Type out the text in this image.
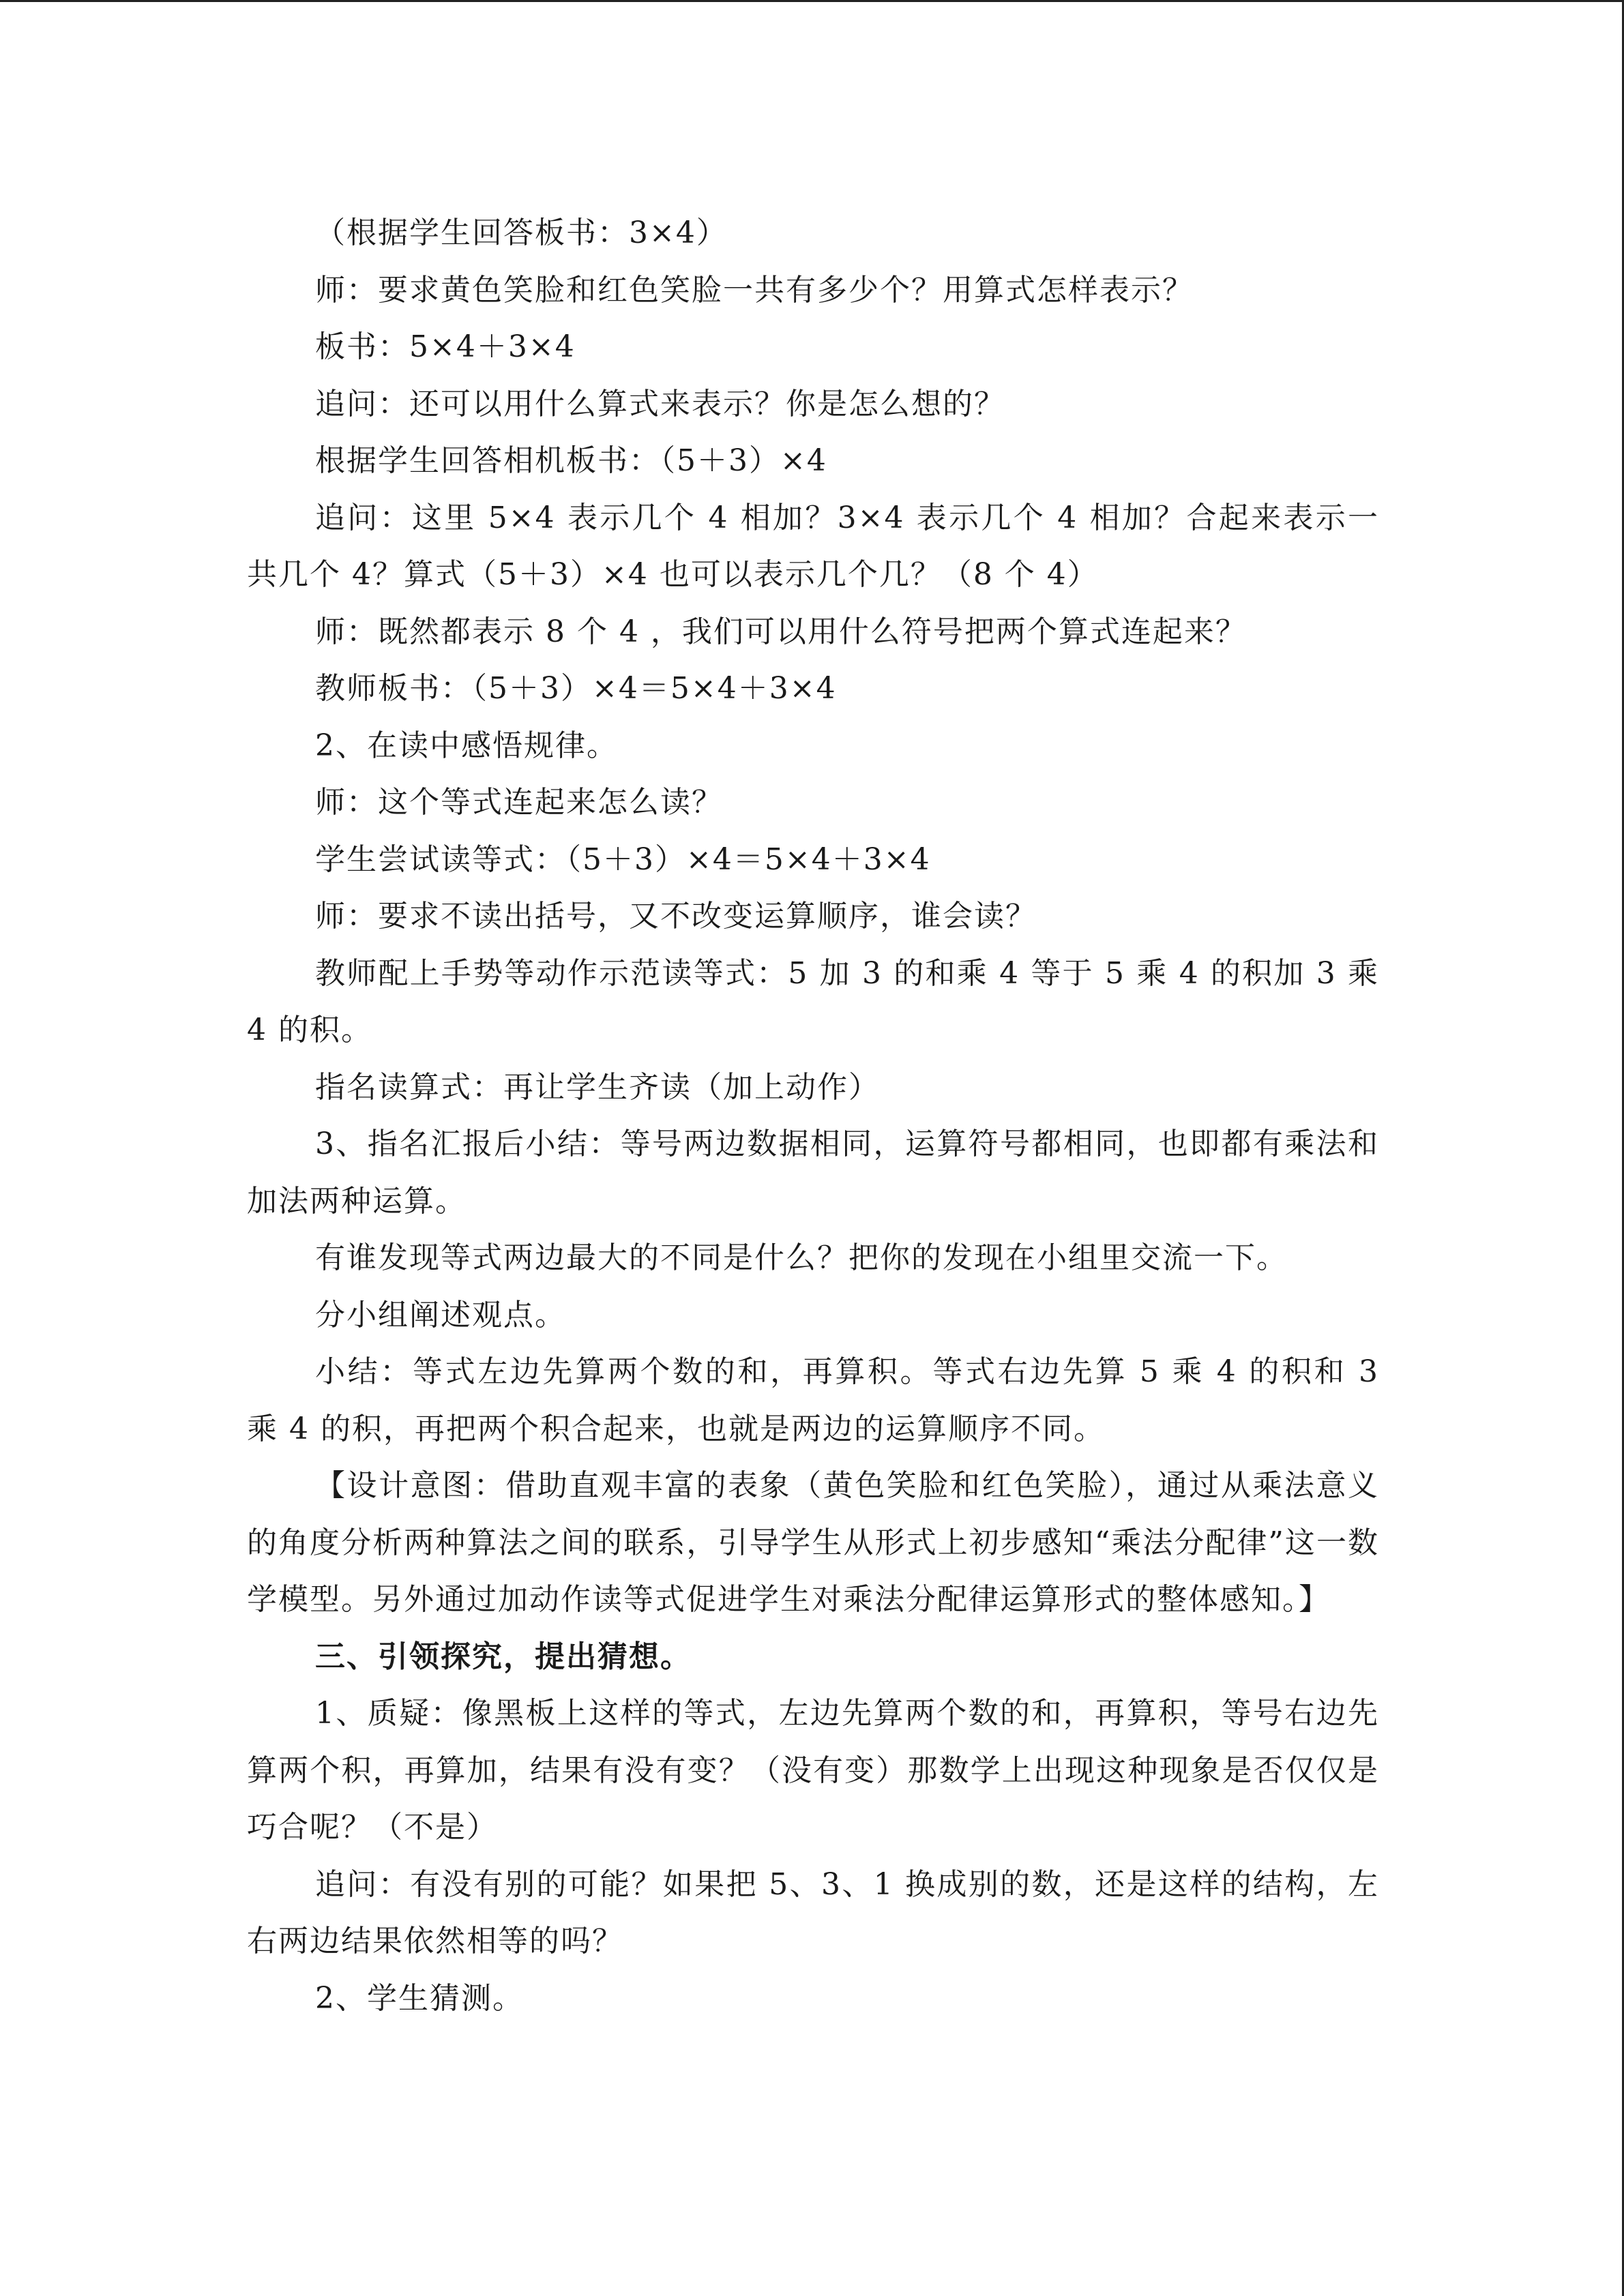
（根据学生回答板书：3×4）

师：要求黄色笑脸和红色笑脸一共有多少个？用算式怎样表示？

板书：5×4＋3×4

追问：还可以用什么算式来表示？你是怎么想的？

根据学生回答相机板书：（5＋3）×4

追问：这里 5×4 表示几个 4 相加？3×4 表示几个 4 相加？合起来表示一共几个 4？算式（5＋3）×4 也可以表示几个几？（8 个 4）

师：既然都表示 8 个 4 ，我们可以用什么符号把两个算式连起来？

教师板书：（5＋3）×4＝5×4＋3×4

2、在读中感悟规律。

师：这个等式连起来怎么读？

学生尝试读等式：（5＋3）×4＝5×4＋3×4

师：要求不读出括号，又不改变运算顺序，谁会读？

教师配上手势等动作示范读等式：5 加 3 的和乘 4 等于 5 乘 4 的积加 3 乘 4 的积。

指名读算式：再让学生齐读（加上动作）

3、指名汇报后小结：等号两边数据相同，运算符号都相同，也即都有乘法和加法两种运算。

有谁发现等式两边最大的不同是什么？把你的发现在小组里交流一下。

分小组阐述观点。

小结：等式左边先算两个数的和，再算积。等式右边先算 5 乘 4 的积和 3 乘 4 的积，再把两个积合起来，也就是两边的运算顺序不同。

【设计意图：借助直观丰富的表象（黄色笑脸和红色笑脸），通过从乘法意义的角度分析两种算法之间的联系，引导学生从形式上初步感知“乘法分配律”这一数学模型。另外通过加动作读等式促进学生对乘法分配律运算形式的整体感知。】

三、引领探究，提出猜想。

1、质疑：像黑板上这样的等式，左边先算两个数的和，再算积，等号右边先算两个积，再算加，结果有没有变？（没有变）那数学上出现这种现象是否仅仅是巧合呢？（不是）

追问：有没有别的可能？如果把 5、3、1 换成别的数，还是这样的结构，左右两边结果依然相等的吗？

2、学生猜测。
